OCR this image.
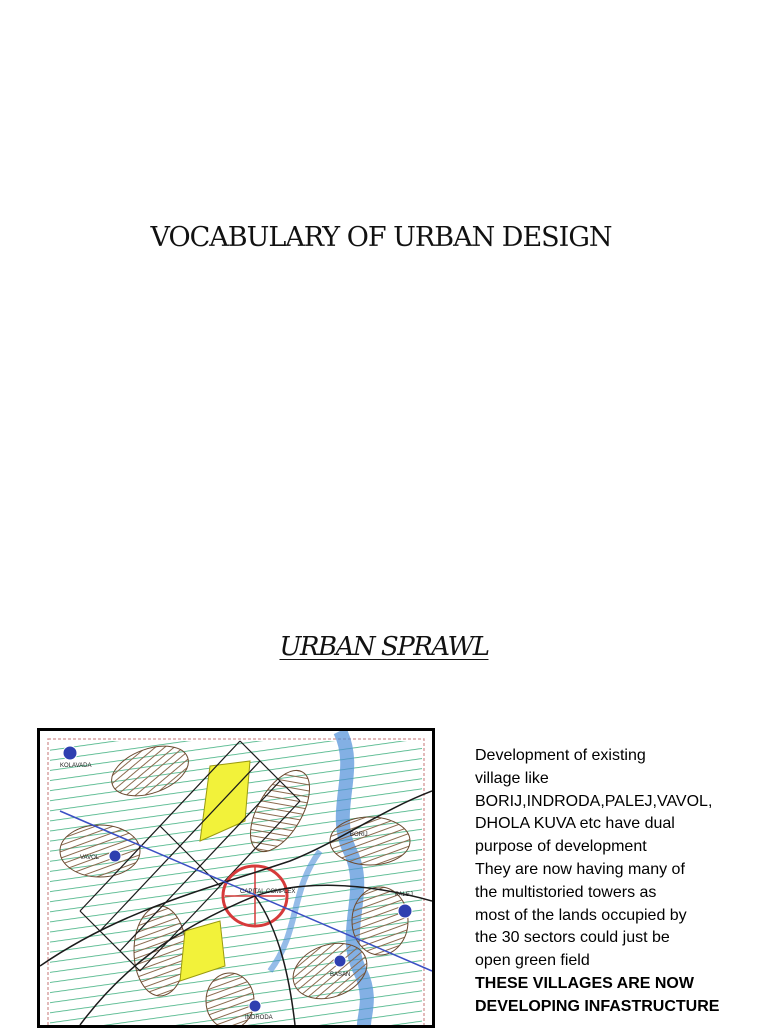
VOCABULARY OF URBAN DESIGN
URBAN SPRAWL
KOLAVADA
VAVOL
CAPITAL COMPLEX
BORIJ
PALEJ
BASAN
INDRODA
Development of existing
village like
BORIJ,INDRODA,PALEJ,VAVOL,
DHOLA KUVA etc have dual
purpose of development
They are now having many of
the multistoried towers as
most of the lands occupied by
the 30 sectors could just be
open green field
THESE VILLAGES ARE NOW
DEVELOPING INFASTRUCTURE
